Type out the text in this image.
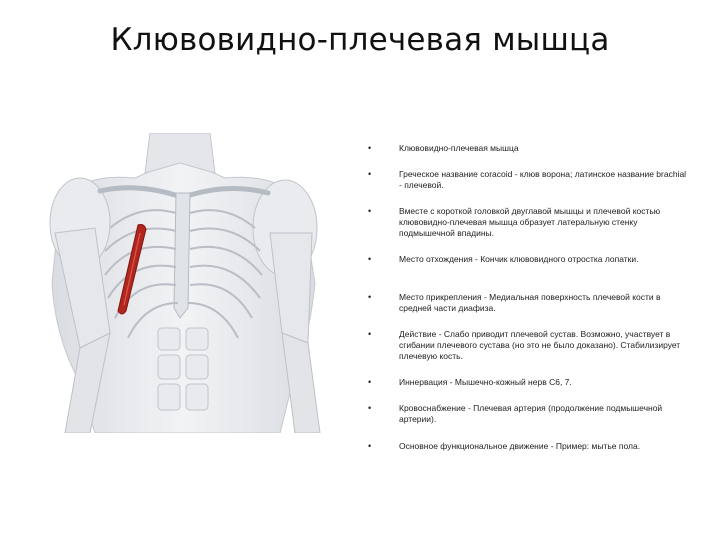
Клювовидно-плечевая мышца
•	Клювовидно-плечевая мышца
•	Греческое название coracoid - клюв ворона; латинское название brachial - плечевой.
•	Вместе с короткой головкой двуглавой мышцы и плечевой костью клювовидно-плечевая мышца образует латеральную стенку подмышечной впадины.
•	Место отхождения - Кончик клювовидного отростка лопатки.
•	Место прикрепления - Медиальная поверхность плечевой кости в средней части диафиза.
•	Действие - Слабо приводит плечевой сустав. Возможно, участвует в сгибании плечевого сустава (но это не было доказано). Стабилизирует плечевую кость.
•	Иннервация - Мышечно-кожный нерв C6, 7.
•	Кровоснабжение - Плечевая артерия (продолжение подмышечной артерии).
•	Основное функциональное движение - Пример: мытье пола.
